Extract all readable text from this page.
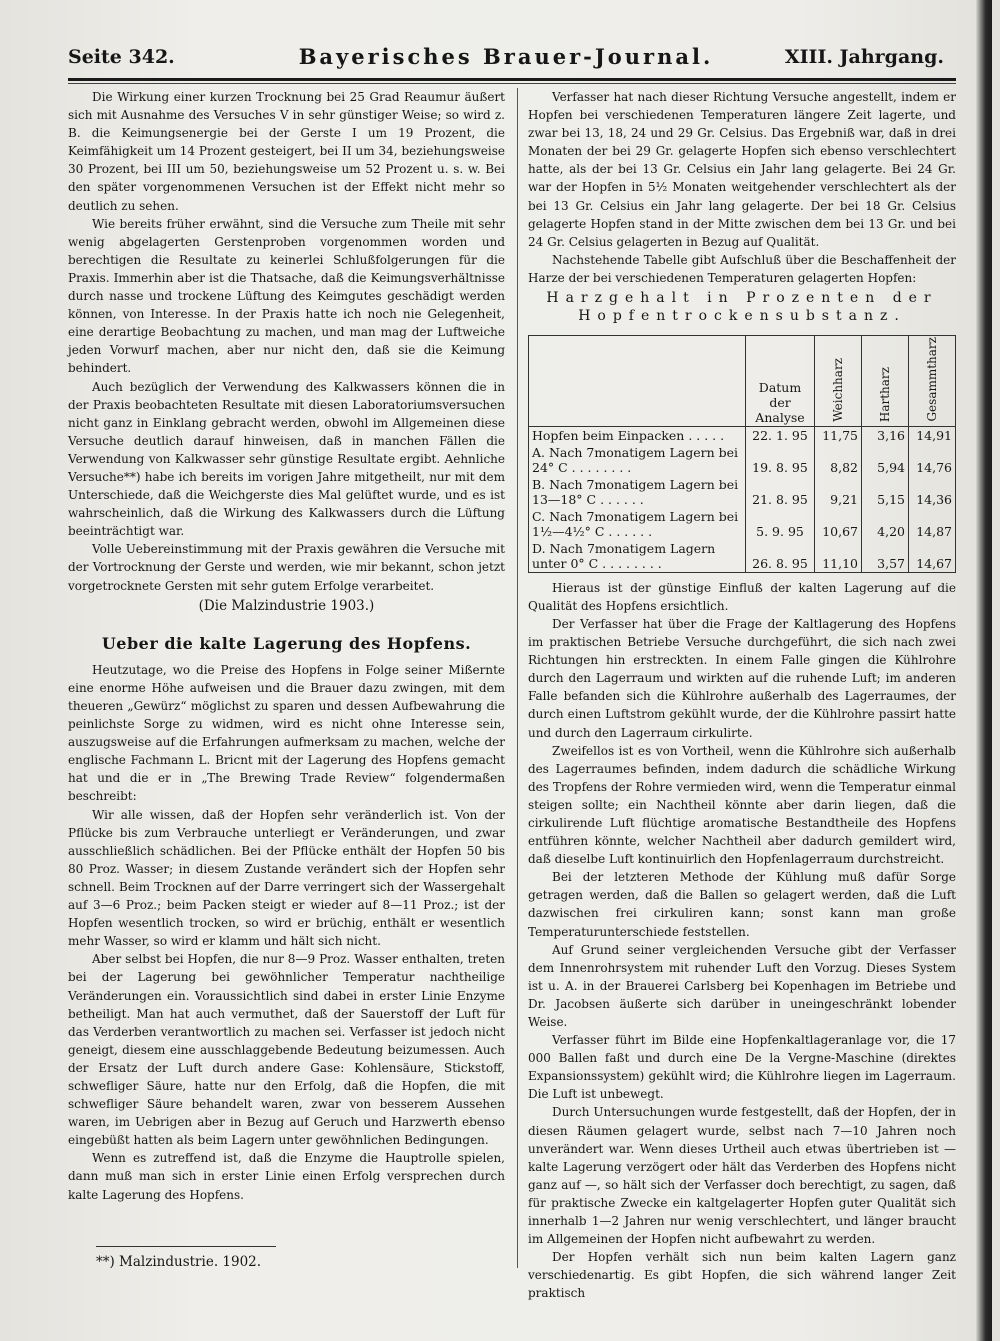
Seite 342.	Bayerisches Brauer-Journal.	XIII. Jahrgang.

Die Wirkung einer kurzen Trocknung bei 25 Grad Reaumur äußert sich mit Ausnahme des Versuches V in sehr günstiger Weise; so wird z. B. die Keimungsenergie bei der Gerste I um 19 Prozent, die Keimfähigkeit um 14 Prozent gesteigert, bei II um 34, beziehungsweise 30 Prozent, bei III um 50, beziehungsweise um 52 Prozent u. s. w. Bei den später vorgenommenen Versuchen ist der Effekt nicht mehr so deutlich zu sehen.

Wie bereits früher erwähnt, sind die Versuche zum Theile mit sehr wenig abgelagerten Gerstenproben vorgenommen worden und berechtigen die Resultate zu keinerlei Schlußfolgerungen für die Praxis. Immerhin aber ist die Thatsache, daß die Keimungsverhältnisse durch nasse und trockene Lüftung des Keimgutes geschädigt werden können, von Interesse. In der Praxis hatte ich noch nie Gelegenheit, eine derartige Beobachtung zu machen, und man mag der Luftweiche jeden Vorwurf machen, aber nur nicht den, daß sie die Keimung behindert.

Auch bezüglich der Verwendung des Kalkwassers können die in der Praxis beobachteten Resultate mit diesen Laboratoriumsversuchen nicht ganz in Einklang gebracht werden, obwohl im Allgemeinen diese Versuche deutlich darauf hinweisen, daß in manchen Fällen die Verwendung von Kalkwasser sehr günstige Resultate ergibt. Aehnliche Versuche**) habe ich bereits im vorigen Jahre mitgetheilt, nur mit dem Unterschiede, daß die Weichgerste dies Mal gelüftet wurde, und es ist wahrscheinlich, daß die Wirkung des Kalkwassers durch die Lüftung beeinträchtigt war.

Volle Uebereinstimmung mit der Praxis gewähren die Versuche mit der Vortrocknung der Gerste und werden, wie mir bekannt, schon jetzt vorgetrocknete Gersten mit sehr gutem Erfolge verarbeitet.

(Die Malzindustrie 1903.)

Ueber die kalte Lagerung des Hopfens.

Heutzutage, wo die Preise des Hopfens in Folge seiner Mißernte eine enorme Höhe aufweisen und die Brauer dazu zwingen, mit dem theueren „Gewürz“ möglichst zu sparen und dessen Aufbewahrung die peinlichste Sorge zu widmen, wird es nicht ohne Interesse sein, auszugsweise auf die Erfahrungen aufmerksam zu machen, welche der englische Fachmann L. Bricnt mit der Lagerung des Hopfens gemacht hat und die er in „The Brewing Trade Review“ folgendermaßen beschreibt:

Wir alle wissen, daß der Hopfen sehr veränderlich ist. Von der Pflücke bis zum Verbrauche unterliegt er Veränderungen, und zwar ausschließlich schädlichen. Bei der Pflücke enthält der Hopfen 50 bis 80 Proz. Wasser; in diesem Zustande verändert sich der Hopfen sehr schnell. Beim Trocknen auf der Darre verringert sich der Wassergehalt auf 3—6 Proz.; beim Packen steigt er wieder auf 8—11 Proz.; ist der Hopfen wesentlich trocken, so wird er brüchig, enthält er wesentlich mehr Wasser, so wird er klamm und hält sich nicht.

Aber selbst bei Hopfen, die nur 8—9 Proz. Wasser enthalten, treten bei der Lagerung bei gewöhnlicher Temperatur nachtheilige Veränderungen ein. Voraussichtlich sind dabei in erster Linie Enzyme betheiligt. Man hat auch vermuthet, daß der Sauerstoff der Luft für das Verderben verantwortlich zu machen sei. Verfasser ist jedoch nicht geneigt, diesem eine ausschlaggebende Bedeutung beizumessen. Auch der Ersatz der Luft durch andere Gase: Kohlensäure, Stickstoff, schwefliger Säure, hatte nur den Erfolg, daß die Hopfen, die mit schwefliger Säure behandelt waren, zwar von besserem Aussehen waren, im Uebrigen aber in Bezug auf Geruch und Harzwerth ebenso eingebüßt hatten als beim Lagern unter gewöhnlichen Bedingungen.

Wenn es zutreffend ist, daß die Enzyme die Hauptrolle spielen, dann muß man sich in erster Linie einen Erfolg versprechen durch kalte Lagerung des Hopfens.

**) Malzindustrie. 1902.

Verfasser hat nach dieser Richtung Versuche angestellt, indem er Hopfen bei verschiedenen Temperaturen längere Zeit lagerte, und zwar bei 13, 18, 24 und 29 Gr. Celsius. Das Ergebniß war, daß in drei Monaten der bei 29 Gr. gelagerte Hopfen sich ebenso verschlechtert hatte, als der bei 13 Gr. Celsius ein Jahr lang gelagerte. Bei 24 Gr. war der Hopfen in 5½ Monaten weitgehender verschlechtert als der bei 13 Gr. Celsius ein Jahr lang gelagerte. Der bei 18 Gr. Celsius gelagerte Hopfen stand in der Mitte zwischen dem bei 13 Gr. und bei 24 Gr. Celsius gelagerten in Bezug auf Qualität.

Nachstehende Tabelle gibt Aufschluß über die Beschaffenheit der Harze der bei verschiedenen Temperaturen gelagerten Hopfen:

Harzgehalt in Prozenten der Hopfentrockensubstanz.

	Datum der Analyse	Weichharz	Hartharz	Gesammtharz
Hopfen beim Einpacken . . . . .	22. 1. 95	11,75	3,16	14,91
A. Nach 7monatigem Lagern bei 24° C . . . . . . . .	19. 8. 95	8,82	5,94	14,76
B. Nach 7monatigem Lagern bei 13—18° C . . . . . .	21. 8. 95	9,21	5,15	14,36
C. Nach 7monatigem Lagern bei 1½—4½° C . . . . . .	5. 9. 95	10,67	4,20	14,87
D. Nach 7monatigem Lagern unter 0° C . . . . . . . .	26. 8. 95	11,10	3,57	14,67

Hieraus ist der günstige Einfluß der kalten Lagerung auf die Qualität des Hopfens ersichtlich.

Der Verfasser hat über die Frage der Kaltlagerung des Hopfens im praktischen Betriebe Versuche durchgeführt, die sich nach zwei Richtungen hin erstreckten. In einem Falle gingen die Kühlrohre durch den Lagerraum und wirkten auf die ruhende Luft; im anderen Falle befanden sich die Kühlrohre außerhalb des Lagerraumes, der durch einen Luftstrom gekühlt wurde, der die Kühlrohre passirt hatte und durch den Lagerraum cirkulirte.

Zweifellos ist es von Vortheil, wenn die Kühlrohre sich außerhalb des Lagerraumes befinden, indem dadurch die schädliche Wirkung des Tropfens der Rohre vermieden wird, wenn die Temperatur einmal steigen sollte; ein Nachtheil könnte aber darin liegen, daß die cirkulirende Luft flüchtige aromatische Bestandtheile des Hopfens entführen könnte, welcher Nachtheil aber dadurch gemildert wird, daß dieselbe Luft kontinuirlich den Hopfenlagerraum durchstreicht.

Bei der letzteren Methode der Kühlung muß dafür Sorge getragen werden, daß die Ballen so gelagert werden, daß die Luft dazwischen frei cirkuliren kann; sonst kann man große Temperaturunterschiede feststellen.

Auf Grund seiner vergleichenden Versuche gibt der Verfasser dem Innenrohrsystem mit ruhender Luft den Vorzug. Dieses System ist u. A. in der Brauerei Carlsberg bei Kopenhagen im Betriebe und Dr. Jacobsen äußerte sich darüber in uneingeschränkt lobender Weise.

Verfasser führt im Bilde eine Hopfenkaltlageranlage vor, die 17 000 Ballen faßt und durch eine De la Vergne-Maschine (direktes Expansionssystem) gekühlt wird; die Kühlrohre liegen im Lagerraum. Die Luft ist unbewegt.

Durch Untersuchungen wurde festgestellt, daß der Hopfen, der in diesen Räumen gelagert wurde, selbst nach 7—10 Jahren noch unverändert war. Wenn dieses Urtheil auch etwas übertrieben ist — kalte Lagerung verzögert oder hält das Verderben des Hopfens nicht ganz auf —, so hält sich der Verfasser doch berechtigt, zu sagen, daß für praktische Zwecke ein kaltgelagerter Hopfen guter Qualität sich innerhalb 1—2 Jahren nur wenig verschlechtert, und länger braucht im Allgemeinen der Hopfen nicht aufbewahrt zu werden.

Der Hopfen verhält sich nun beim kalten Lagern ganz verschiedenartig. Es gibt Hopfen, die sich während langer Zeit praktisch
